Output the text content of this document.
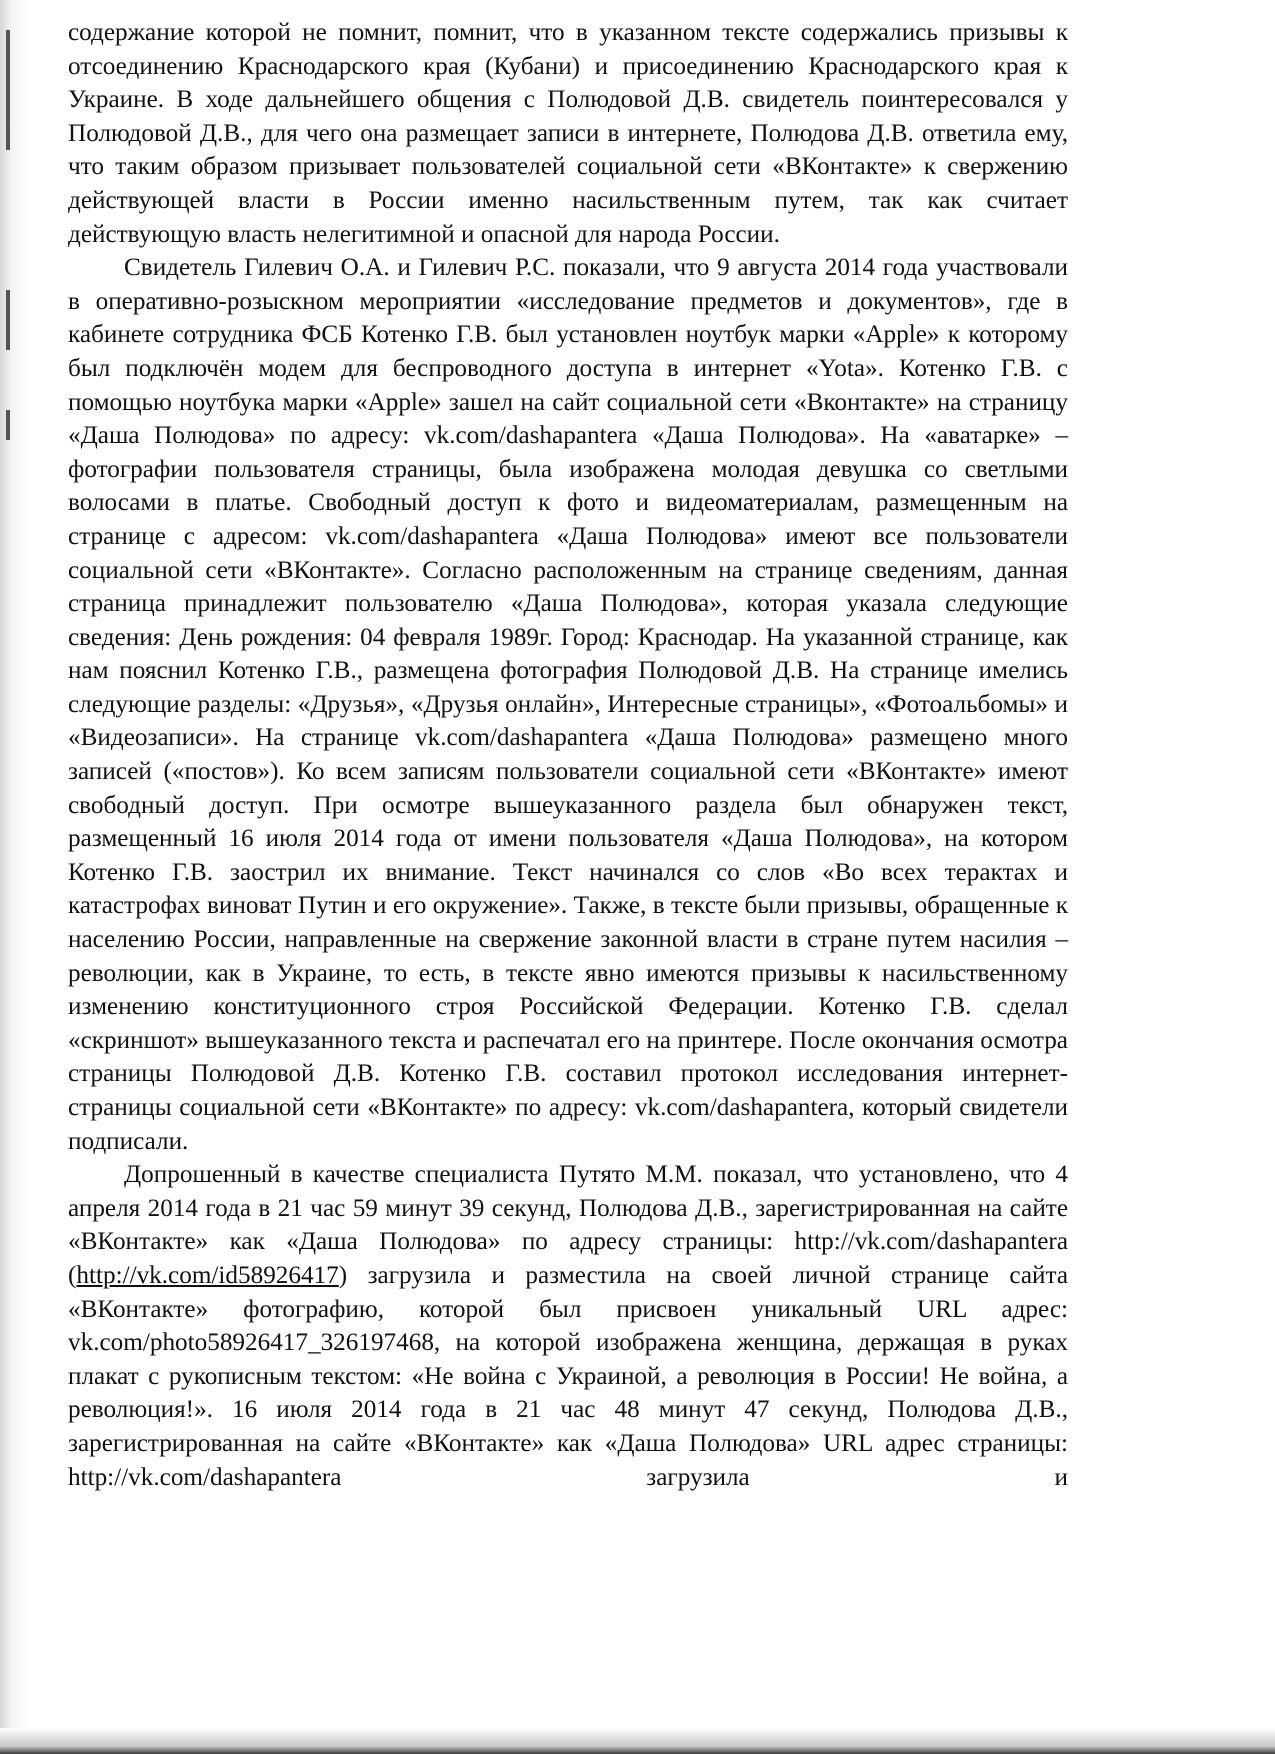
содержание которой не помнит, помнит, что в указанном тексте содержались призывы к отсоединению Краснодарского края (Кубани) и присоединению Краснодарского края к Украине. В ходе дальнейшего общения с Полюдовой Д.В. свидетель поинтересовался у Полюдовой Д.В., для чего она размещает записи в интернете, Полюдова Д.В. ответила ему, что таким образом призывает пользователей социальной сети «ВКонтакте» к свержению действующей власти в России именно насильственным путем, так как считает действующую власть нелегитимной и опасной для народа России.

Свидетель Гилевич О.А. и Гилевич Р.С. показали, что 9 августа 2014 года участвовали в оперативно-розыскном мероприятии «исследование предметов и документов», где в кабинете сотрудника ФСБ Котенко Г.В. был установлен ноутбук марки «Apple» к которому был подключён модем для беспроводного доступа в интернет «Yota». Котенко Г.В. с помощью ноутбука марки «Apple» зашел на сайт социальной сети «Вконтакте» на страницу «Даша Полюдова» по адресу: vk.com/dashapantera «Даша Полюдова». На «аватарке» – фотографии пользователя страницы, была изображена молодая девушка со светлыми волосами в платье. Свободный доступ к фото и видеоматериалам, размещенным на странице с адресом: vk.com/dashapantera «Даша Полюдова» имеют все пользователи социальной сети «ВКонтакте». Согласно расположенным на странице сведениям, данная страница принадлежит пользователю «Даша Полюдова», которая указала следующие сведения: День рождения: 04 февраля 1989г. Город: Краснодар. На указанной странице, как нам пояснил Котенко Г.В., размещена фотография Полюдовой Д.В. На странице имелись следующие разделы: «Друзья», «Друзья онлайн», Интересные страницы», «Фотоальбомы» и «Видеозаписи». На странице vk.com/dashapantera «Даша Полюдова» размещено много записей («постов»). Ко всем записям пользователи социальной сети «ВКонтакте» имеют свободный доступ. При осмотре вышеуказанного раздела был обнаружен текст, размещенный 16 июля 2014 года от имени пользователя «Даша Полюдова», на котором Котенко Г.В. заострил их внимание. Текст начинался со слов «Во всех терактах и катастрофах виноват Путин и его окружение». Также, в тексте были призывы, обращенные к населению России, направленные на свержение законной власти в стране путем насилия – революции, как в Украине, то есть, в тексте явно имеются призывы к насильственному изменению конституционного строя Российской Федерации. Котенко Г.В. сделал «скриншот» вышеуказанного текста и распечатал его на принтере. После окончания осмотра страницы Полюдовой Д.В. Котенко Г.В. составил протокол исследования интернет-страницы социальной сети «ВКонтакте» по адресу: vk.com/dashapantera, который свидетели подписали.

Допрошенный в качестве специалиста Путято М.М. показал, что установлено, что 4 апреля 2014 года в 21 час 59 минут 39 секунд, Полюдова Д.В., зарегистрированная на сайте «ВКонтакте» как «Даша Полюдова» по адресу страницы: http://vk.com/dashapantera (http://vk.com/id58926417) загрузила и разместила на своей личной странице сайта «ВКонтакте» фотографию, которой был присвоен уникальный URL адрес: vk.com/photo58926417_326197468, на которой изображена женщина, держащая в руках плакат с рукописным текстом: «Не война с Украиной, а революция в России! Не война, а революция!». 16 июля 2014 года в 21 час 48 минут 47 секунд, Полюдова Д.В., зарегистрированная на сайте «ВКонтакте» как «Даша Полюдова» URL адрес страницы: http://vk.com/dashapantera загрузила и
